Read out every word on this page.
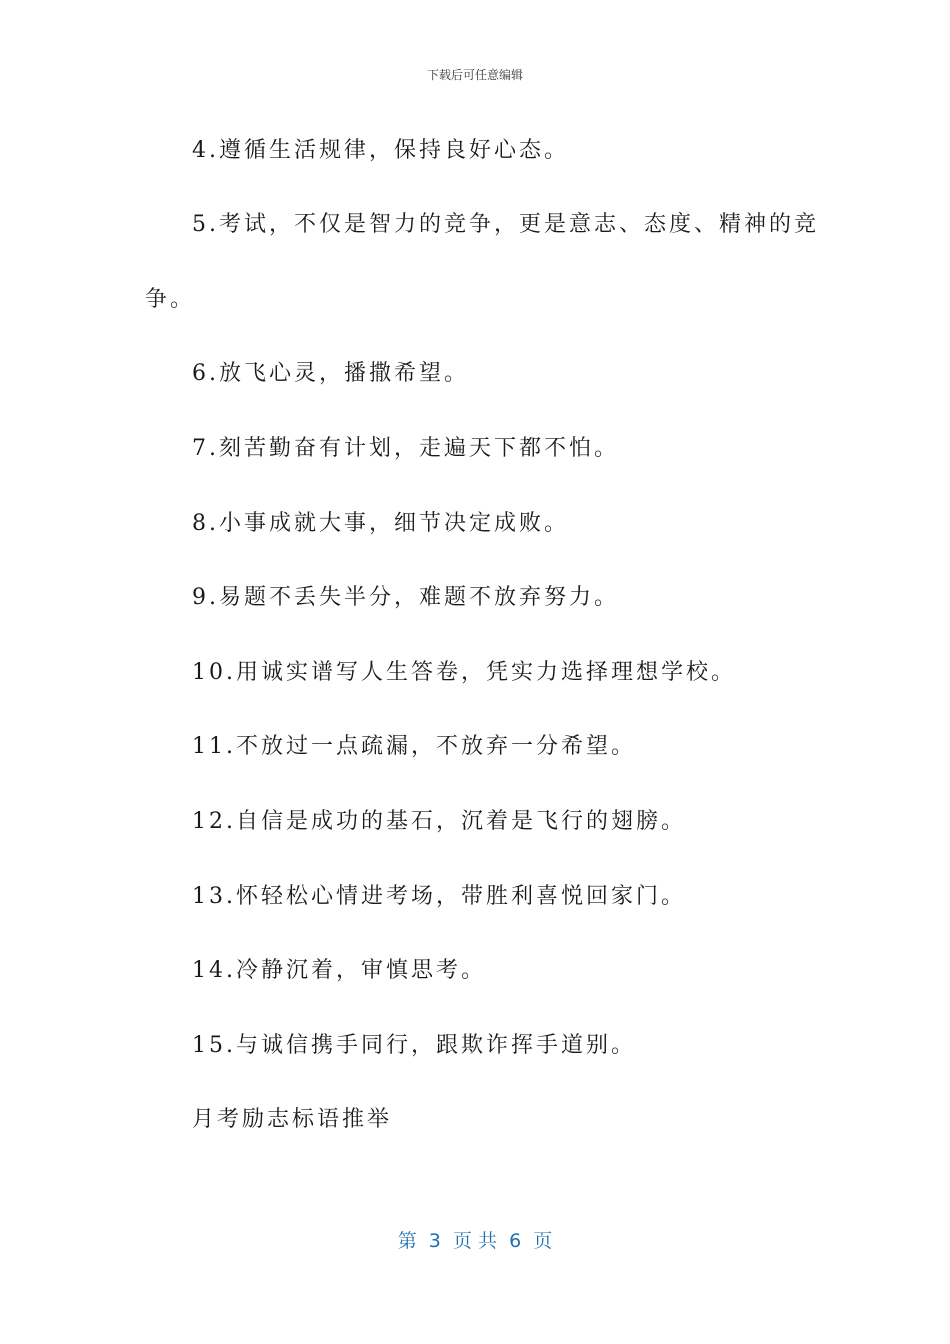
下载后可任意编辑
4.遵循生活规律，保持良好心态。
5.考试，不仅是智力的竞争，更是意志、态度、精神的竞
争。
6.放飞心灵，播撒希望。
7.刻苦勤奋有计划，走遍天下都不怕。
8.小事成就大事，细节决定成败。
9.易题不丢失半分，难题不放弃努力。
10.用诚实谱写人生答卷，凭实力选择理想学校。
11.不放过一点疏漏，不放弃一分希望。
12.自信是成功的基石，沉着是飞行的翅膀。
13.怀轻松心情进考场，带胜利喜悦回家门。
14.冷静沉着，审慎思考。
15.与诚信携手同行，跟欺诈挥手道别。
月考励志标语推举
第  3  页 共  6  页
